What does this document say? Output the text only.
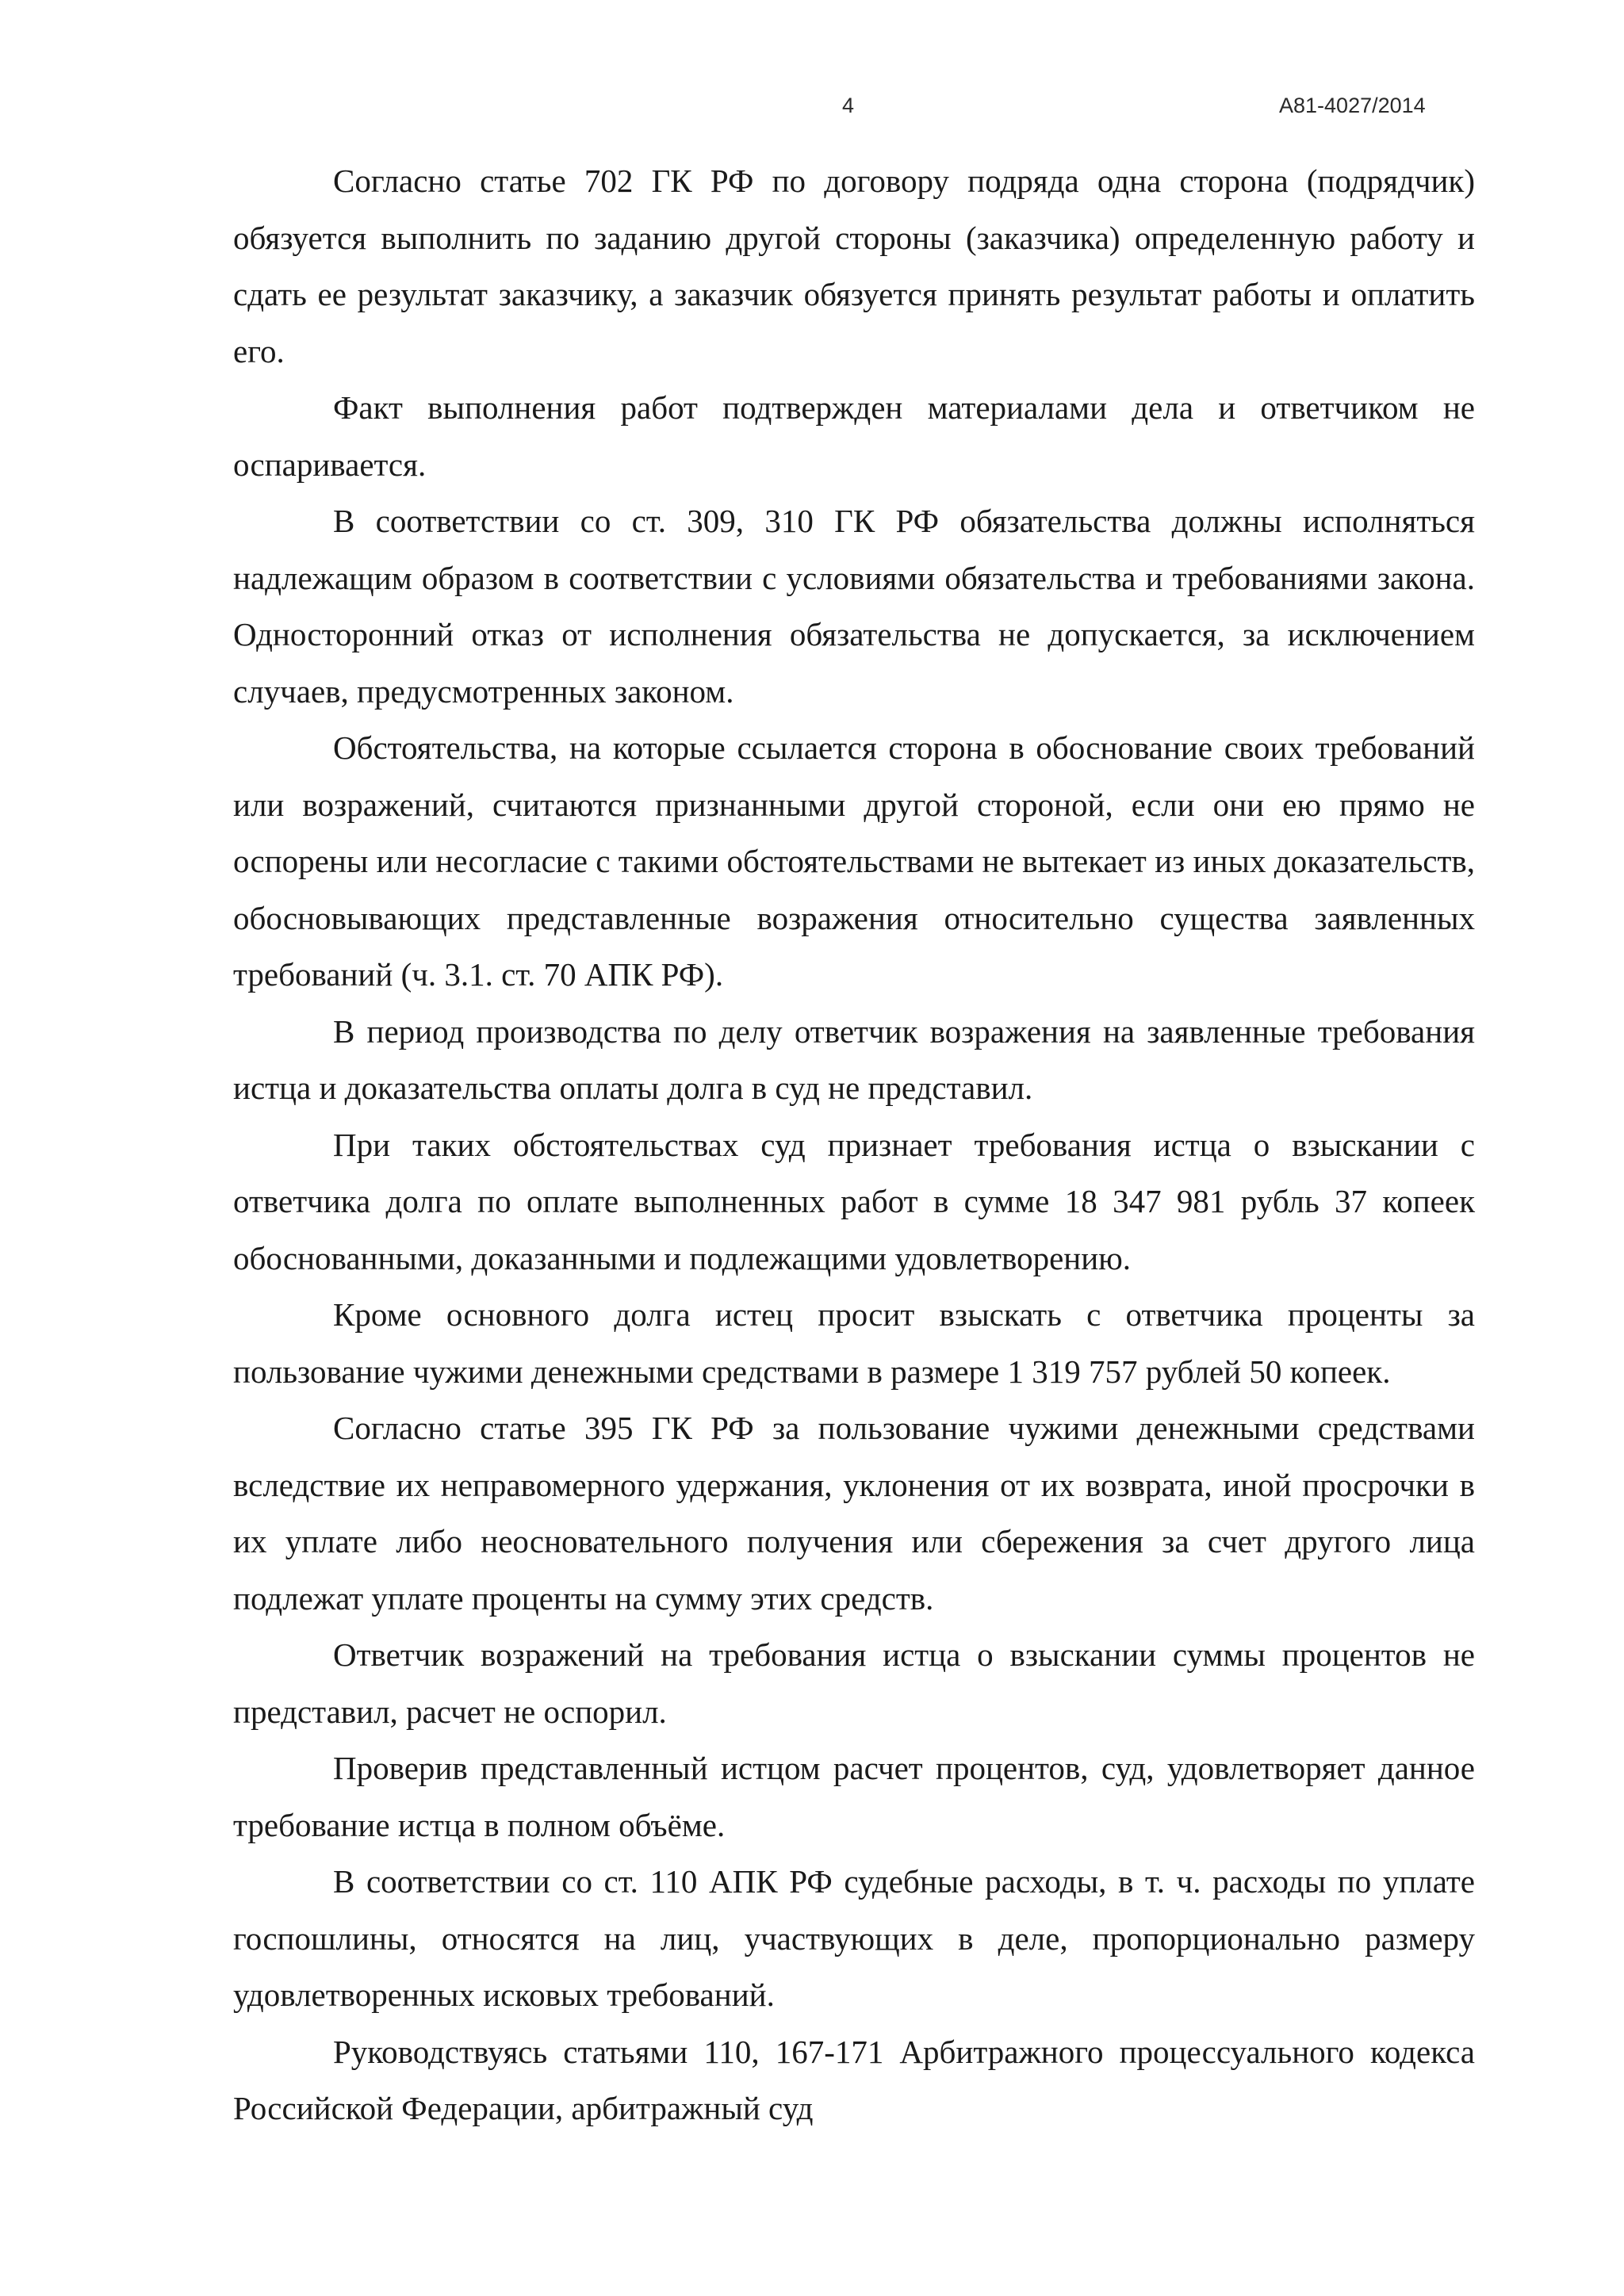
4	А81-4027/2014

Согласно статье 702 ГК РФ по договору подряда одна сторона (подрядчик) обязуется выполнить по заданию другой стороны (заказчика) определенную работу и сдать ее результат заказчику, а заказчик обязуется принять результат работы и оплатить его.

Факт выполнения работ подтвержден материалами дела и ответчиком не оспаривается.

В соответствии со ст. 309, 310 ГК РФ обязательства должны исполняться надлежащим образом в соответствии с условиями обязательства и требованиями закона. Односторонний отказ от исполнения обязательства не допускается, за исключением случаев, предусмотренных законом.

Обстоятельства, на которые ссылается сторона в обоснование своих требований или возражений, считаются признанными другой стороной, если они ею прямо не оспорены или несогласие с такими обстоятельствами не вытекает из иных доказательств, обосновывающих представленные возражения относительно существа заявленных требований (ч. 3.1. ст. 70 АПК РФ).

В период производства по делу ответчик возражения на заявленные требования истца и доказательства оплаты долга в суд не представил.

При таких обстоятельствах суд признает требования истца о взыскании с ответчика долга по оплате выполненных работ в сумме 18 347 981 рубль 37 копеек обоснованными, доказанными и подлежащими удовлетворению.

Кроме основного долга истец просит взыскать с ответчика проценты за пользование чужими денежными средствами в размере 1 319 757 рублей 50 копеек.

Согласно статье 395 ГК РФ за пользование чужими денежными средствами вследствие их неправомерного удержания, уклонения от их возврата, иной просрочки в их уплате либо неосновательного получения или сбережения за счет другого лица подлежат уплате проценты на сумму этих средств.

Ответчик возражений на требования истца о взыскании суммы процентов не представил, расчет не оспорил.

Проверив представленный истцом расчет процентов, суд, удовлетворяет данное требование истца в полном объёме.

В соответствии со ст. 110 АПК РФ судебные расходы, в т. ч. расходы по уплате госпошлины, относятся на лиц, участвующих в деле, пропорционально размеру удовлетворенных исковых требований.

Руководствуясь статьями 110, 167-171 Арбитражного процессуального кодекса Российской Федерации, арбитражный суд
